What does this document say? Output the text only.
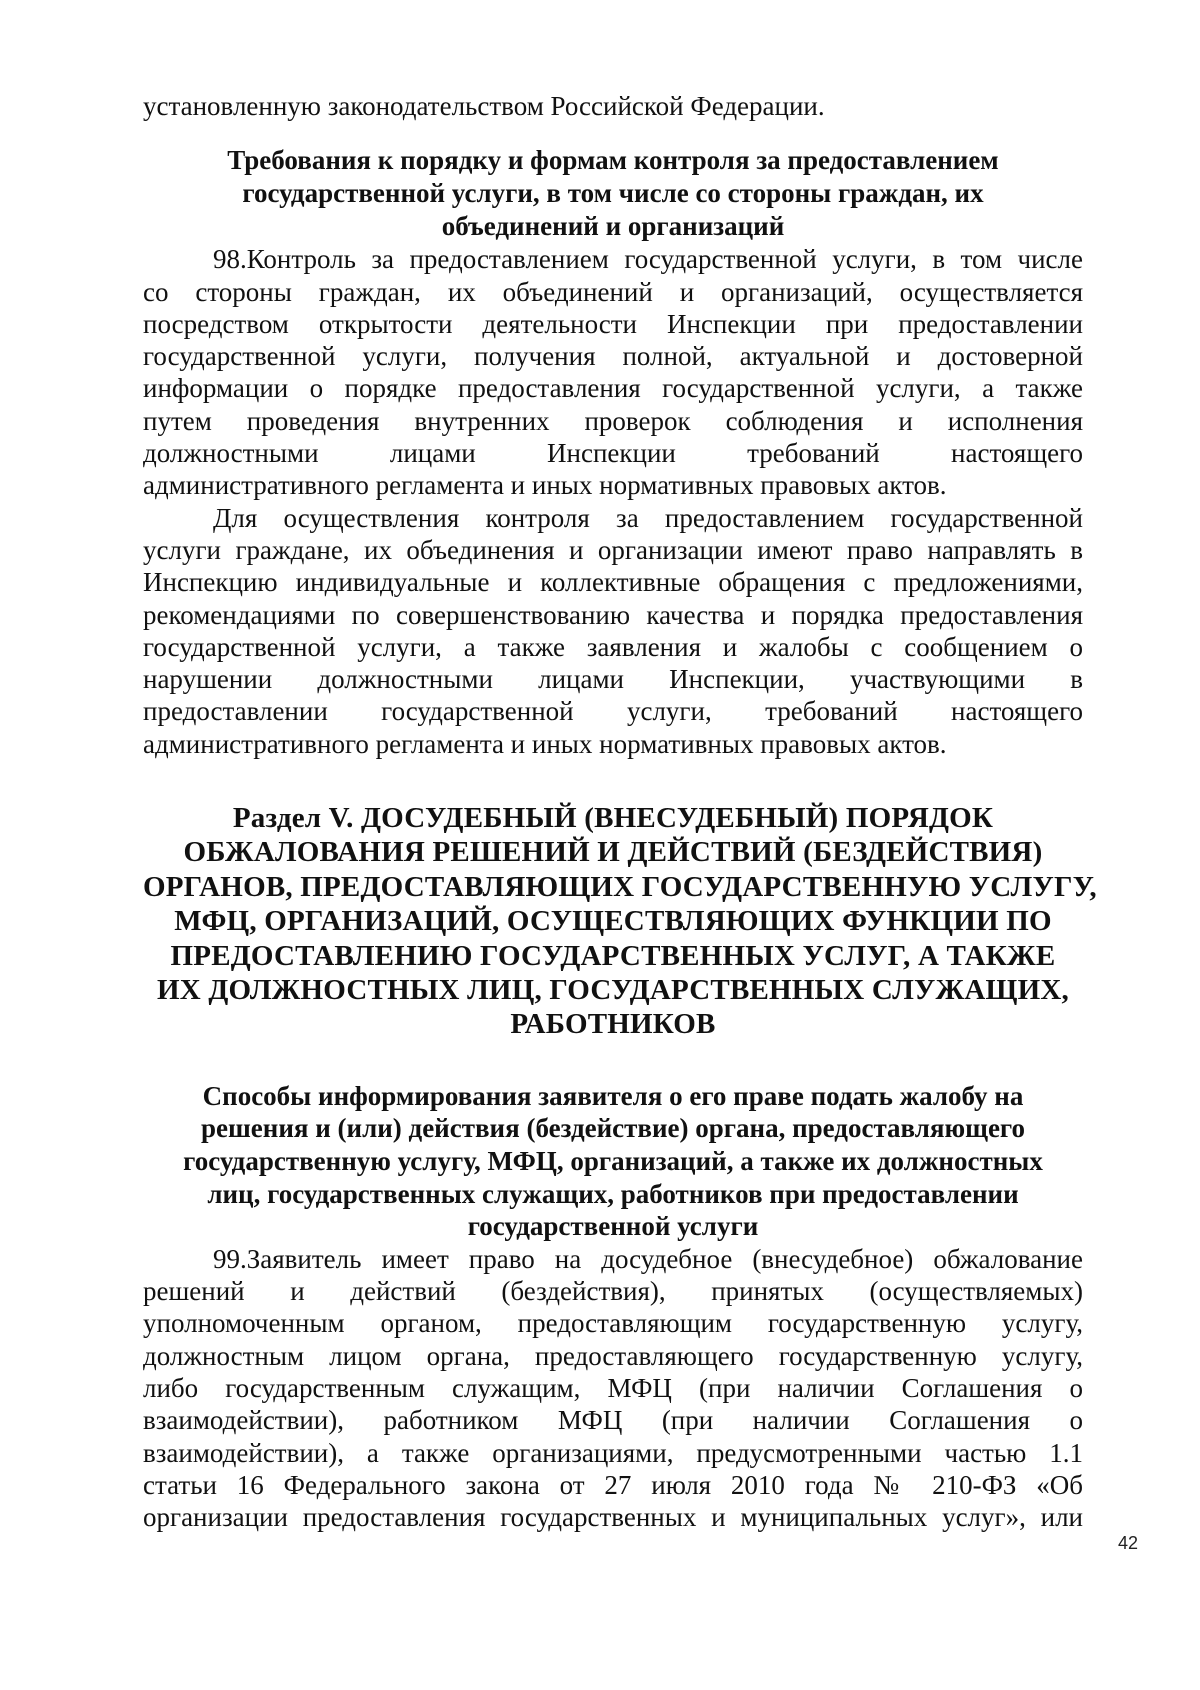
установленную законодательством Российской Федерации.
Требования к порядку и формам контроля за предоставлением
государственной услуги, в том числе со стороны граждан, их
объединений и организаций
98.Контроль за предоставлением государственной услуги, в том числе
со стороны граждан, их объединений и организаций, осуществляется
посредством открытости деятельности Инспекции при предоставлении
государственной услуги, получения полной, актуальной и достоверной
информации о порядке предоставления государственной услуги, а также
путем проведения внутренних проверок соблюдения и исполнения
должностными лицами Инспекции требований настоящего
административного регламента и иных нормативных правовых актов.
Для осуществления контроля за предоставлением государственной
услуги граждане, их объединения и организации имеют право направлять в
Инспекцию индивидуальные и коллективные обращения с предложениями,
рекомендациями по совершенствованию качества и порядка предоставления
государственной услуги, а также заявления и жалобы с сообщением о
нарушении должностными лицами Инспекции, участвующими в
предоставлении государственной услуги, требований настоящего
административного регламента и иных нормативных правовых актов.
Раздел V. ДОСУДЕБНЫЙ (ВНЕСУДЕБНЫЙ) ПОРЯДОК
ОБЖАЛОВАНИЯ РЕШЕНИЙ И ДЕЙСТВИЙ (БЕЗДЕЙСТВИЯ)
ОРГАНОВ, ПРЕДОСТАВЛЯЮЩИХ ГОСУДАРСТВЕННУЮ УСЛУГУ,
МФЦ, ОРГАНИЗАЦИЙ, ОСУЩЕСТВЛЯЮЩИХ ФУНКЦИИ ПО
ПРЕДОСТАВЛЕНИЮ ГОСУДАРСТВЕННЫХ УСЛУГ, А ТАКЖЕ
ИХ ДОЛЖНОСТНЫХ ЛИЦ, ГОСУДАРСТВЕННЫХ СЛУЖАЩИХ,
РАБОТНИКОВ
Способы информирования заявителя о его праве подать жалобу на
решения и (или) действия (бездействие) органа, предоставляющего
государственную услугу, МФЦ, организаций, а также их должностных
лиц, государственных служащих, работников при предоставлении
государственной услуги
99.Заявитель имеет право на досудебное (внесудебное) обжалование
решений и действий (бездействия), принятых (осуществляемых)
уполномоченным органом, предоставляющим государственную услугу,
должностным лицом органа, предоставляющего государственную услугу,
либо государственным служащим, МФЦ (при наличии Соглашения о
взаимодействии), работником МФЦ (при наличии Соглашения о
взаимодействии), а также организациями, предусмотренными частью 1.1
статьи 16 Федерального закона от 27 июля 2010 года № 210-ФЗ «Об
организации предоставления государственных и муниципальных услуг», или
42
